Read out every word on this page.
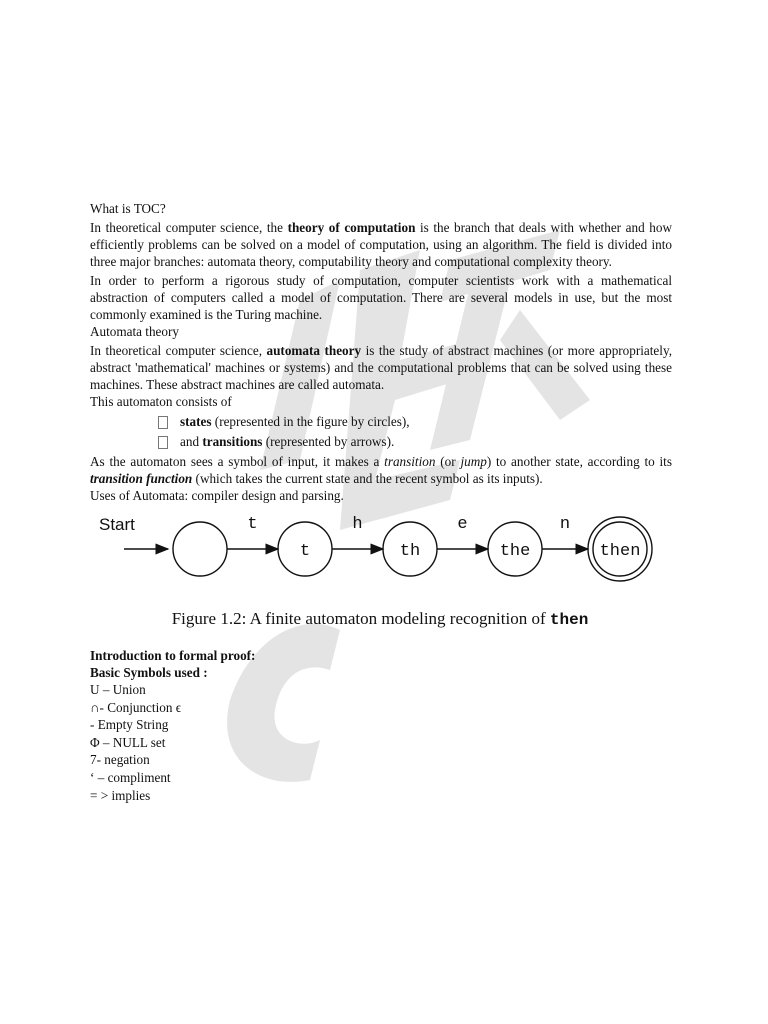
What is TOC?

In theoretical computer science, the theory of computation is the branch that deals with whether and how efficiently problems can be solved on a model of computation, using an algorithm. The field is divided into three major branches: automata theory, computability theory and computational complexity theory.

In order to perform a rigorous study of computation, computer scientists work with a mathematical abstraction of computers called a model of computation. There are several models in use, but the most commonly examined is the Turing machine.

Automata theory

In theoretical computer science, automata theory is the study of abstract machines (or more appropriately, abstract 'mathematical' machines or systems) and the computational problems that can be solved using these machines. These abstract machines are called automata.

This automaton consists of

states (represented in the figure by circles),
and transitions (represented by arrows).

As the automaton sees a symbol of input, it makes a transition (or jump) to another state, according to its transition function (which takes the current state and the recent symbol as its inputs).

Uses of Automata: compiler design and parsing.

Start	t
t
h
th
e
the
n
then
Figure 1.2: A finite automaton modeling recognition of then

Introduction to formal proof:

Basic Symbols used :

U – Union

∩- Conjunction ϵ

- Empty String

Φ – NULL set

7- negation

‘ – compliment

= > implies
